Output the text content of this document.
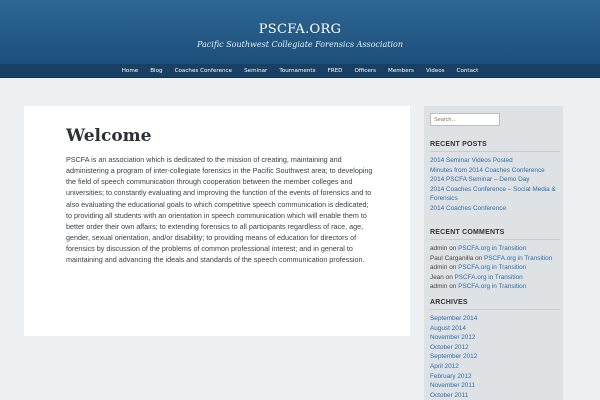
PSCFA.ORG
Pacific Southwest Collegiate Forensics Association
Home	Blog	Coaches Conference	Seminar	Tournaments	FRED	Officers	Members	Videos	Contact
Welcome

PSCFA is an association which is dedicated to the mission of creating, maintaining and administering a program of inter-collegiate forensics in the Pacific Southwest area; to developing the field of speech communication through cooperation between the member colleges and universities; to constantly evaluating and improving the function of the events of forensics and to also evaluating the educational goals to which competitive speech communication is dedicated; to providing all students with an orientation in speech communication which will enable them to better order their own affairs; to extending forensics to all participants regardless of race, age, gender, sexual orientation, and/or disability; to providing means of education for directors of forensics by discussion of the problems of common professional interest; and in general to maintaining and advancing the ideals and standards of the speech communication profession.

Search…
RECENT POSTS
2014 Seminar Videos Posted
Minutes from 2014 Coaches Conference
2014 PSCFA Seminar – Demo Day
2014 Coaches Conference – Social Media & Forensics
2014 Coaches Conference
RECENT COMMENTS
admin on PSCFA.org in Transition
Paul Carganilla on PSCFA.org in Transition
admin on PSCFA.org in Transition
Jean on PSCFA.org in Transition
admin on PSCFA.org in Transition
ARCHIVES
September 2014
August 2014
November 2012
October 2012
September 2012
April 2012
February 2012
November 2011
October 2011
